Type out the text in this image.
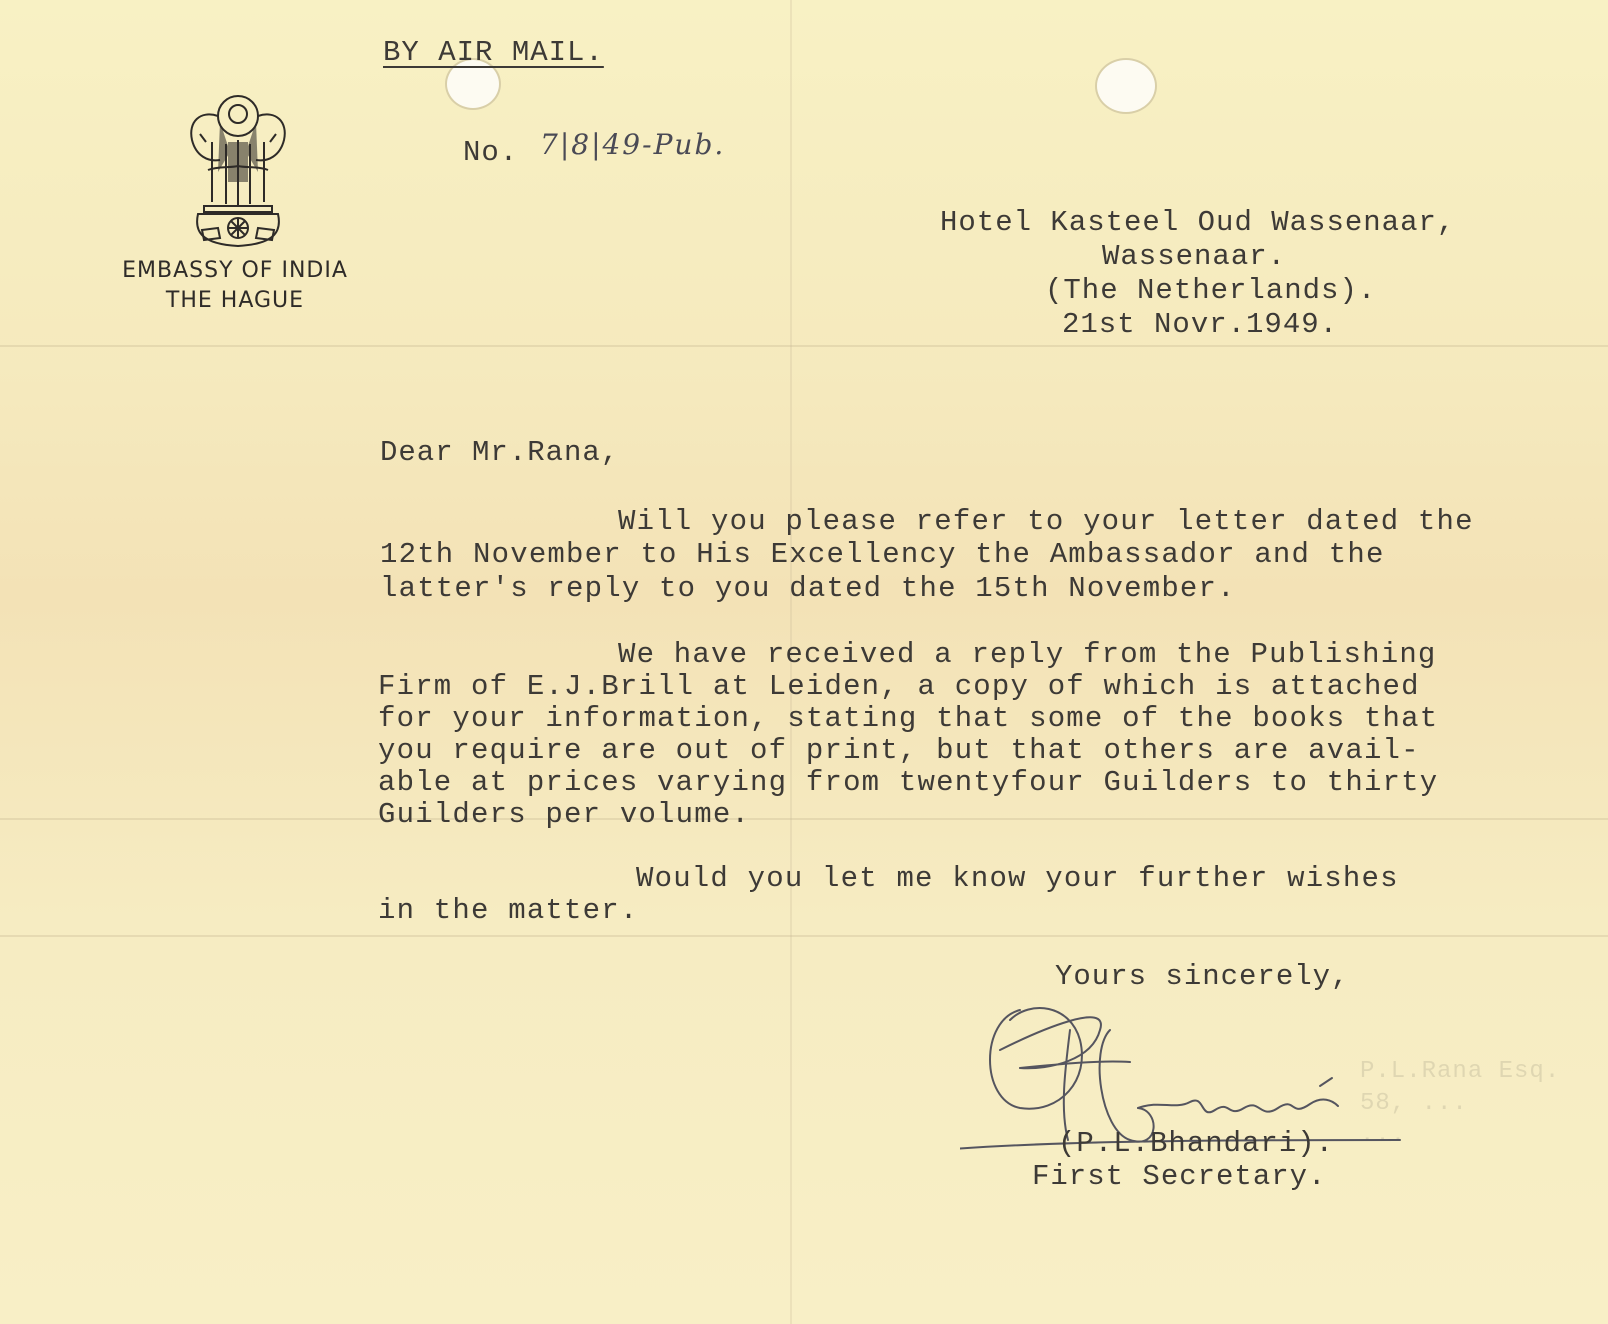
EMBASSY OF INDIA
THE HAGUE
BY AIR MAIL.
No. 7|8|49-Pub.
Hotel Kasteel Oud Wassenaar,
Wassenaar.
(The Netherlands).
21st Novr.1949.
Dear Mr.Rana,
Will you please refer to your letter dated the
12th November to His Excellency the Ambassador and the
latter's reply to you dated the 15th November.
We have received a reply from the Publishing
Firm of E.J.Brill at Leiden, a copy of which is attached
for your information, stating that some of the books that
you require are out of print, but that others are avail-
able at prices varying from twentyfour Guilders to thirty
Guilders per volume.
Would you let me know your further wishes
in the matter.
Yours sincerely,
P.L.Rana Esq.
58, ...
...
(P.L.Bhandari).
First Secretary.
